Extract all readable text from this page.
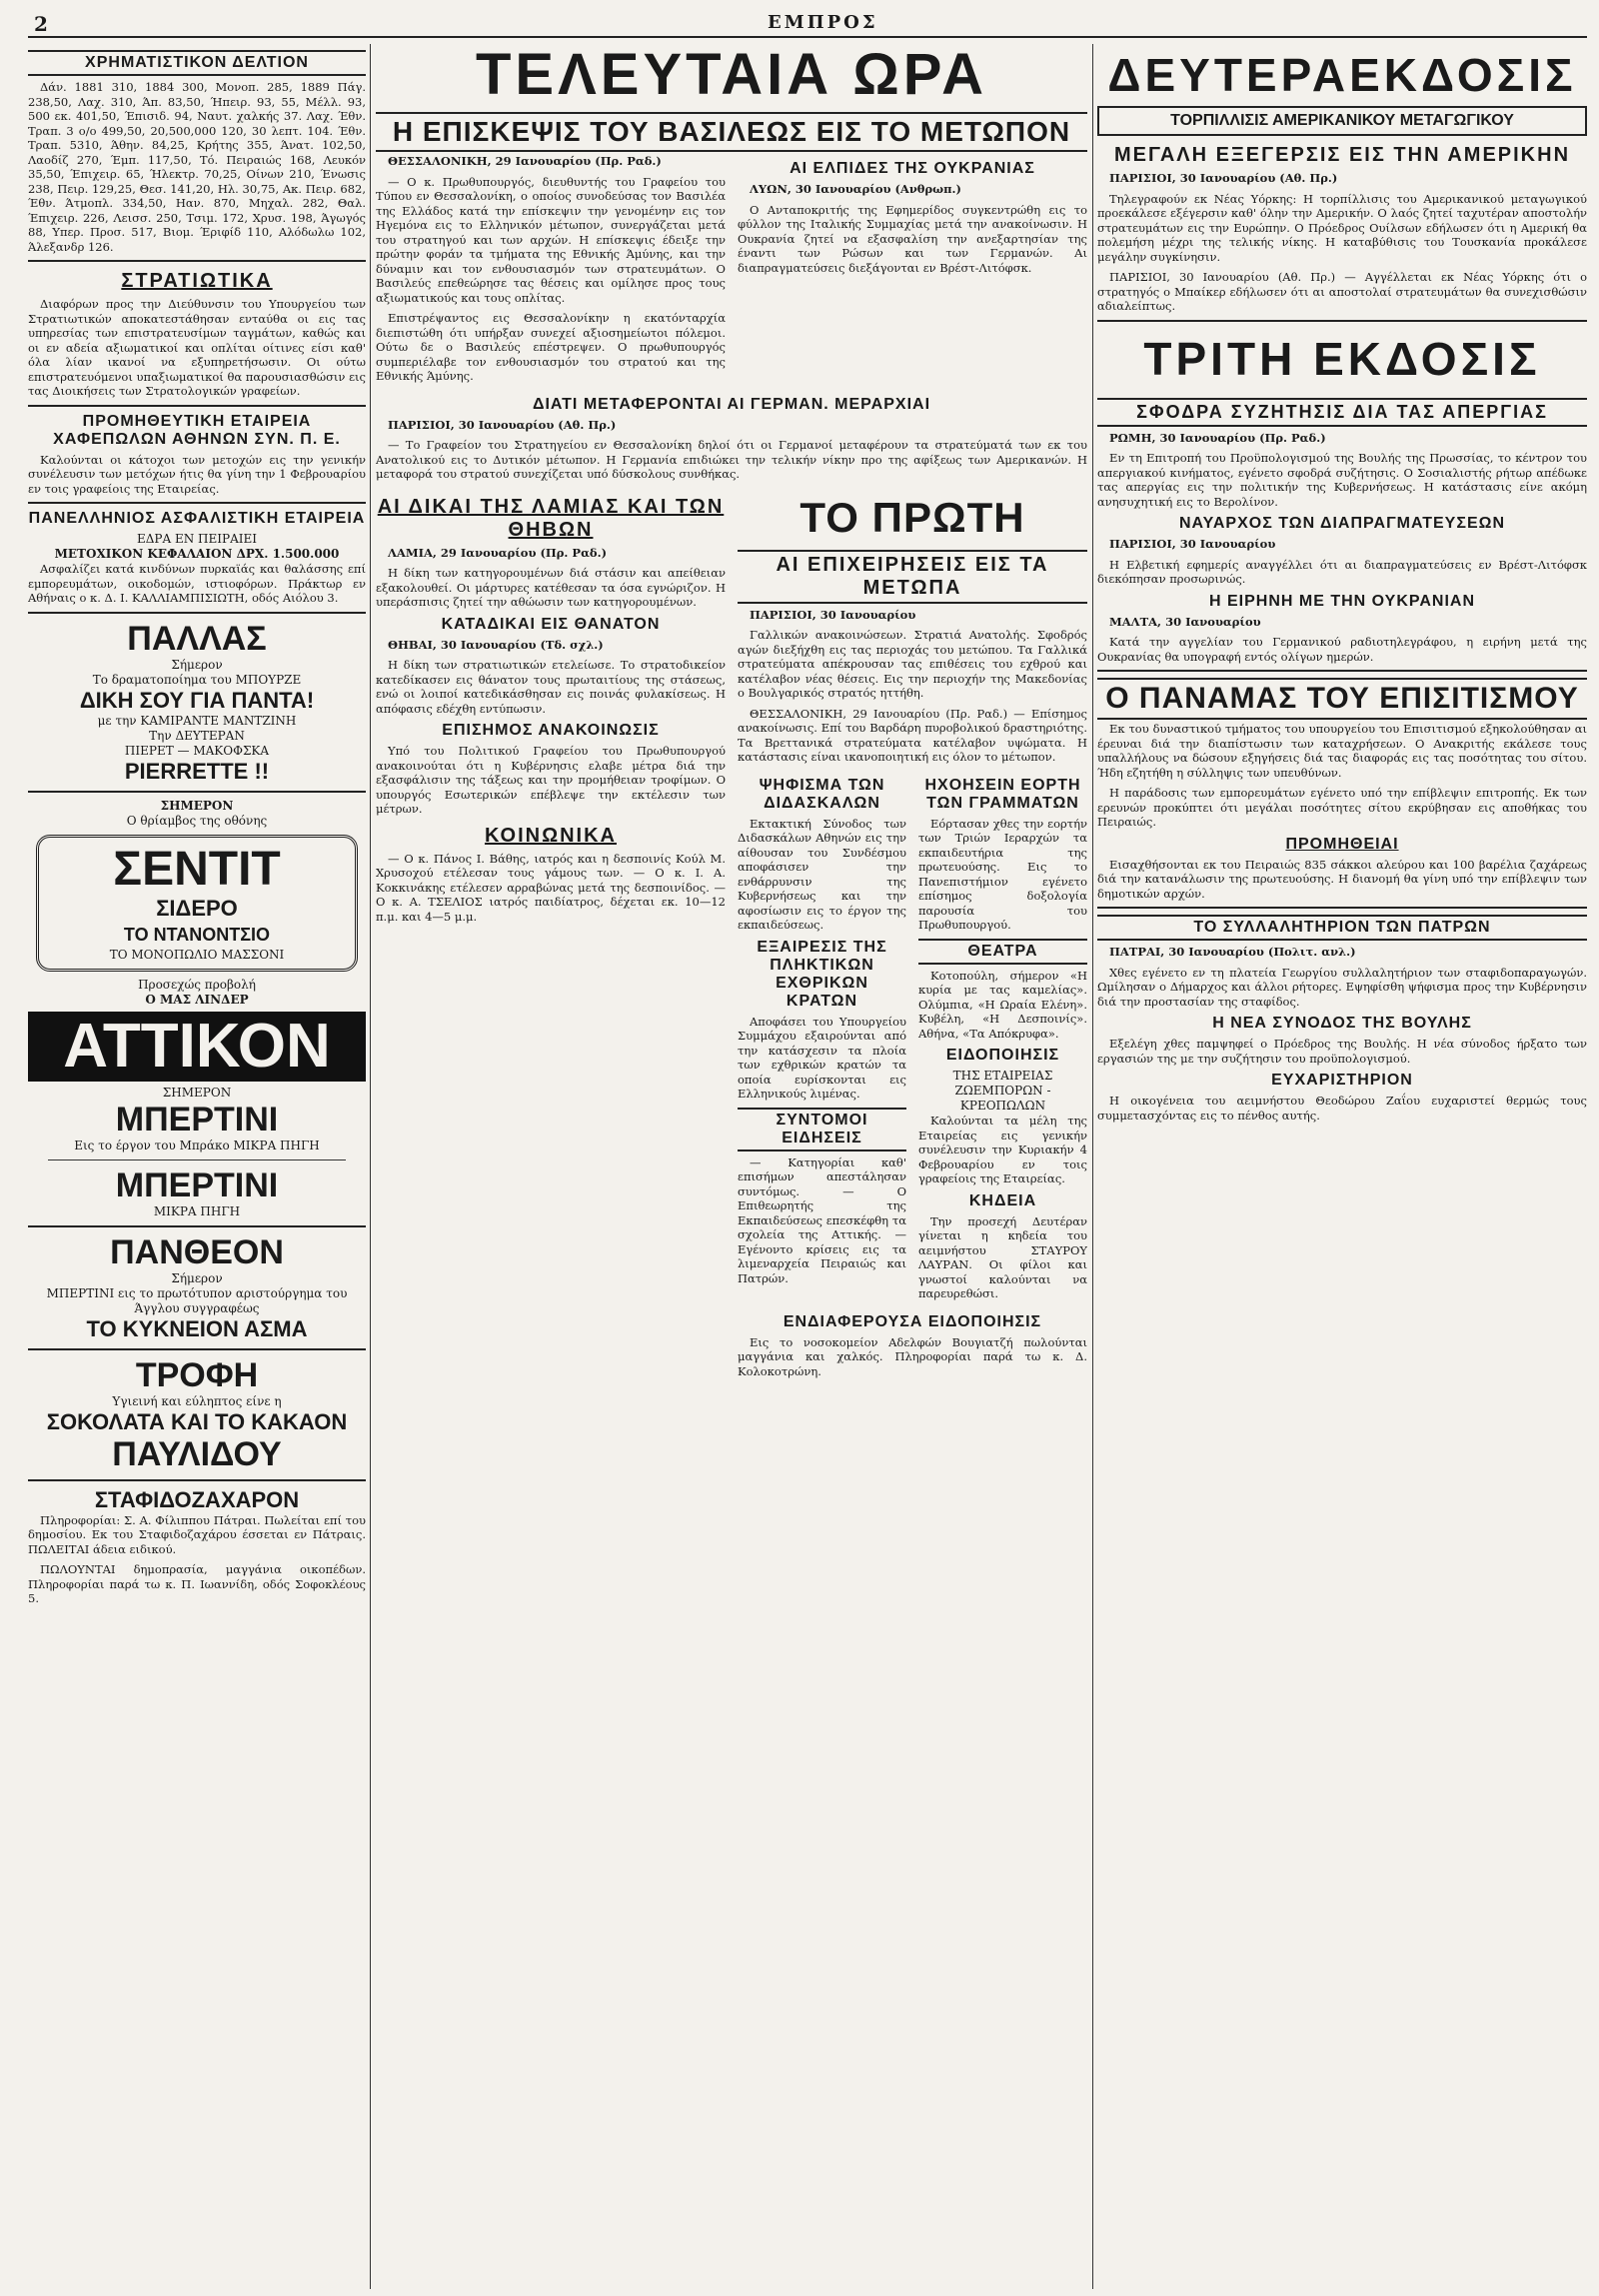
2	ΕΜΠΡΟΣ
ΧΡΗΜΑΤΙΣΤΙΚΟΝ ΔΕΛΤΙΟΝ

Δάν. 1881 310, 1884 300, Μονοπ. 285, 1889 Πάγ. 238,50, Λαχ. 310, Άπ. 83,50, Ήπειρ. 93, 55, Μέλλ. 93, 500 εκ. 401,50, Έπισιδ. 94, Ναυτ. χαλκής 37. Λαχ. Έθν. Τραπ. 3 ο/ο 499,50, 20,500,000 120, 30 λεπτ. 104. Έθν. Τραπ. 5310, Άθην. 84,25, Κρήτης 355, Άνατ. 102,50, Λαοδίζ 270, Έμπ. 117,50, Τό. Πειραιώς 168, Λευκόν 35,50, Έπιχειρ. 65, Ήλεκτρ. 70,25, Οίνων 210, Ένωσις 238, Πειρ. 129,25, Θεσ. 141,20, Ηλ. 30,75, Ακ. Πειρ. 682, Έθν. Άτμοπλ. 334,50, Ηαν. 870, Μηχαλ. 282, Θαλ. Έπιχειρ. 226, Λεισσ. 250, Τσιμ. 172, Χρυσ. 198, Άγωγός 88, Υπερ. Προσ. 517, Βιομ. Έριφίδ 110, Αλόδωλω 102, Άλεξανδρ 126.

ΣΤΡΑΤΙΩΤΙΚΑ

Διαφόρων προς την Διεύθυνσιν του Υπουργείου των Στρατιωτικών αποκατεστάθησαν ενταύθα οι εις τας υπηρεσίας των επιστρατευσίμων ταγμάτων, καθώς και οι εν αδεία αξιωματικοί και οπλίται οίτινες είσι καθ' όλα λίαν ικανοί να εξυπηρετήσωσιν. Οι ούτω επιστρατευόμενοι υπαξιωματικοί θα παρουσιασθώσιν εις τας Διοικήσεις των Στρατολογικών γραφείων.

ΠΡΟΜΗΘΕΥΤΙΚΗ ΕΤΑΙΡΕΙΑ ΧΑΦΕΠΩΛΩΝ ΑΘΗΝΩΝ ΣΥΝ. Π. Ε.

Καλούνται οι κάτοχοι των μετοχών εις την γενικήν συνέλευσιν των μετόχων ήτις θα γίνη την 1 Φεβρουαρίου εν τοις γραφείοις της Εταιρείας.

ΠΑΝΕΛΛΗΝΙΟΣ ΑΣΦΑΛΙΣΤΙΚΗ ΕΤΑΙΡΕΙΑ
ΕΔΡΑ ΕΝ ΠΕΙΡΑΙΕΙ
ΜΕΤΟΧΙΚΟΝ ΚΕΦΑΛΑΙΟΝ ΔΡΧ. 1.500.000

Ασφαλίζει κατά κινδύνων πυρκαϊάς και θαλάσσης επί εμπορευμάτων, οικοδομών, ιστιοφόρων. Πράκτωρ εν Αθήναις ο κ. Δ. Ι. ΚΑΛΛΙΑΜΠΙΣΙΩΤΗ, οδός Αιόλου 3.

ΠΑΛΛΑΣ
Σήμερον
Το δραματοποίημα του ΜΠΟΥΡΖΕ
ΔΙΚΗ ΣΟΥ ΓΙΑ ΠΑΝΤΑ!
με την ΚΑΜΙΡΑΝΤΕ ΜΑΝΤΖΙΝΗ
Την ΔΕΥΤΕΡΑΝ
ΠΙΕΡΕΤ — ΜΑΚΟΦΣΚΑ
PIERRETTE !!
ΣΗΜΕΡΟΝ
Ο θρίαμβος της οθόνης
ΣΕΝΤΙΤ
ΣΙΔΕΡΟ
ΤΟ ΝΤΑΝΟΝΤΣΙΟ
ΤΟ ΜΟΝΟΠΩΛΙΟ ΜΑΣΣΟΝΙ
Προσεχώς προβολή
Ο ΜΑΣ ΛΙΝΔΕΡ
ΑΤΤΙΚΟΝ
ΣΗΜΕΡΟΝ
ΜΠΕΡΤΙΝΙ
Εις το έργον του Μπράκο ΜΙΚΡΑ ΠΗΓΗ
ΜΠΕΡΤΙΝΙ
ΜΙΚΡΑ ΠΗΓΗ
ΠΑΝΘΕΟΝ
Σήμερον
ΜΠΕΡΤΙΝΙ εις το πρωτότυπον αριστούργημα του Άγγλου συγγραφέως
ΤΟ ΚΥΚΝΕΙΟΝ ΑΣΜΑ
ΤΡΟΦΗ
Υγιεινή και εύληπτος είνε η
ΣΟΚΟΛΑΤΑ ΚΑΙ ΤΟ ΚΑΚΑΟΝ
ΠΑΥΛΙΔΟΥ
ΣΤΑΦΙΔΟΖΑΧΑΡΟΝ

Πληροφορίαι: Σ. Α. Φίλιππου Πάτραι. Πωλείται επί του δημοσίου. Εκ του Σταφιδοζαχάρου έσσεται εν Πάτραις. ΠΩΛΕΙΤΑΙ άδεια ειδικού.

ΠΩΛΟΥΝΤΑΙ δημοπρασία, μαγγάνια οικοπέδων. Πληροφορίαι παρά τω κ. Π. Ιωαννίδη, οδός Σοφοκλέους 5.

ΤΕΛΕΥΤΑΙΑ ΩΡΑ
Η ΕΠΙΣΚΕΨΙΣ ΤΟΥ ΒΑΣΙΛΕΩΣ ΕΙΣ ΤΟ ΜΕΤΩΠΟΝ

ΘΕΣΣΑΛΟΝΙΚΗ, 29 Ιανουαρίου (Πρ. Ραδ.)

— Ο κ. Πρωθυπουργός, διευθυντής του Γραφείου του Τύπου εν Θεσσαλονίκη, ο οποίος συνοδεύσας τον Βασιλέα της Ελλάδος κατά την επίσκεψιν την γενομένην εις τον Ηγεμόνα εις το Ελληνικόν μέτωπον, συνεργάζεται μετά του στρατηγού και των αρχών. Η επίσκεψις έδειξε την πρώτην φοράν τα τμήματα της Εθνικής Άμύνης, και την δύναμιν και τον ενθουσιασμόν των στρατευμάτων. Ο Βασιλεύς επεθεώρησε τας θέσεις και ομίλησε προς τους αξιωματικούς και τους οπλίτας.

Επιστρέψαντος εις Θεσσαλονίκην η εκατόνταρχία διεπιστώθη ότι υπήρξαν συνεχεί αξιοσημείωτοι πόλεμοι. Ούτω δε ο Βασιλεύς επέστρεψεν. Ο πρωθυπουργός συμπεριέλαβε τον ενθουσιασμόν του στρατού και της Εθνικής Άμύνης.

ΑΙ ΕΛΠΙΔΕΣ ΤΗΣ ΟΥΚΡΑΝΙΑΣ

ΛΥΩΝ, 30 Ιανουαρίου (Ανθρωπ.)

Ο Ανταποκριτής της Εφημερίδος συγκεντρώθη εις το φύλλον της Ιταλικής Συμμαχίας μετά την ανακοίνωσιν. Η Ουκρανία ζητεί να εξασφαλίση την ανεξαρτησίαν της έναντι των Ρώσων και των Γερμανών. Αι διαπραγματεύσεις διεξάγονται εν Βρέστ-Λιτόφσκ.

ΔΙΑΤΙ ΜΕΤΑΦΕΡΟΝΤΑΙ ΑΙ ΓΕΡΜΑΝ. ΜΕΡΑΡΧΙΑΙ

ΠΑΡΙΣΙΟΙ, 30 Ιανουαρίου (Αθ. Πρ.)

— Το Γραφείον του Στρατηγείου εν Θεσσαλονίκη δηλοί ότι οι Γερμανοί μεταφέρουν τα στρατεύματά των εκ του Ανατολικού εις το Δυτικόν μέτωπον. Η Γερμανία επιδιώκει την τελικήν νίκην προ της αφίξεως των Αμερικανών. Η μεταφορά του στρατού συνεχίζεται υπό δύσκολους συνθήκας.

ΑΙ ΔΙΚΑΙ ΤΗΣ ΛΑΜΙΑΣ ΚΑΙ ΤΩΝ ΘΗΒΩΝ

ΛΑΜΙΑ, 29 Ιανουαρίου (Πρ. Ραδ.)

Η δίκη των κατηγορουμένων διά στάσιν και απείθειαν εξακολουθεί. Οι μάρτυρες κατέθεσαν τα όσα εγνώριζον. Η υπεράσπισις ζητεί την αθώωσιν των κατηγορουμένων.

ΚΑΤΑΔΙΚΑΙ ΕΙΣ ΘΑΝΑΤΟΝ

ΘΗΒΑΙ, 30 Ιανουαρίου (Τδ. σχλ.)

Η δίκη των στρατιωτικών ετελείωσε. Το στρατοδικείον κατεδίκασεν εις θάνατον τους πρωταιτίους της στάσεως, ενώ οι λοιποί κατεδικάσθησαν εις ποινάς φυλακίσεως. Η απόφασις εδέχθη εντύπωσιν.

ΕΠΙΣΗΜΟΣ ΑΝΑΚΟΙΝΩΣΙΣ

Υπό του Πολιτικού Γραφείου του Πρωθυπουργού ανακοινούται ότι η Κυβέρνησις ελαβε μέτρα διά την εξασφάλισιν της τάξεως και την προμήθειαν τροφίμων. Ο υπουργός Εσωτερικών επέβλεψε την εκτέλεσιν των μέτρων.

ΚΟΙΝΩΝΙΚΑ

— Ο κ. Πάνος Ι. Βάθης, ιατρός και η δεσποινίς Κούλ Μ. Χρυσοχού ετέλεσαν τους γάμους των. — Ο κ. Ι. Α. Κοκκινάκης ετέλεσεν αρραβώνας μετά της δεσποινίδος. — Ο κ. Α. ΤΣΕΛΙΟΣ ιατρός παιδίατρος, δέχεται εκ. 10—12 π.μ. και 4—5 μ.μ.

ΤΟ ΠΡΩΤΗ
ΑΙ ΕΠΙΧΕΙΡΗΣΕΙΣ ΕΙΣ ΤΑ ΜΕΤΩΠΑ

ΠΑΡΙΣΙΟΙ, 30 Ιανουαρίου

Γαλλικών ανακοινώσεων. Στρατιά Ανατολής. Σφοδρός αγών διεξήχθη εις τας περιοχάς του μετώπου. Τα Γαλλικά στρατεύματα απέκρουσαν τας επιθέσεις του εχθρού και κατέλαβον νέας θέσεις. Εις την περιοχήν της Μακεδονίας ο Βουλγαρικός στρατός ηττήθη.

ΘΕΣΣΑΛΟΝΙΚΗ, 29 Ιανουαρίου (Πρ. Ραδ.) — Επίσημος ανακοίνωσις. Επί του Βαρδάρη πυροβολικού δραστηριότης. Τα Βρεττανικά στρατεύματα κατέλαβον υψώματα. Η κατάστασις είναι ικανοποιητική εις όλον το μέτωπον.

ΨΗΦΙΣΜΑ ΤΩΝ ΔΙΔΑΣΚΑΛΩΝ

Εκτακτική Σύνοδος των Διδασκάλων Αθηνών εις την αίθουσαν του Συνδέσμου αποφάσισεν την ενθάρρυνσιν της Κυβερνήσεως και την αφοσίωσιν εις το έργον της εκπαιδεύσεως.

ΕΞΑΙΡΕΣΙΣ ΤΗΣ ΠΛΗΚΤΙΚΩΝ ΕΧΘΡΙΚΩΝ ΚΡΑΤΩΝ

Αποφάσει του Υπουργείου Συμμάχου εξαιρούνται από την κατάσχεσιν τα πλοία των εχθρικών κρατών τα οποία ευρίσκονται εις Ελληνικούς λιμένας.

ΣΥΝΤΟΜΟΙ ΕΙΔΗΣΕΙΣ

— Κατηγορίαι καθ' επισήμων απεστάλησαν συντόμως. — Ο Επιθεωρητής της Εκπαιδεύσεως επεσκέφθη τα σχολεία της Αττικής. — Εγένοντο κρίσεις εις τα λιμεναρχεία Πειραιώς και Πατρών.

ΗΧΟΗΣΕΙΝ ΕΟΡΤΗ ΤΩΝ ΓΡΑΜΜΑΤΩΝ

Εόρτασαν χθες την εορτήν των Τριών Ιεραρχών τα εκπαιδευτήρια της πρωτευούσης. Εις το Πανεπιστήμιον εγένετο επίσημος δοξολογία παρουσία του Πρωθυπουργού.

ΘΕΑΤΡΑ

Κοτοπούλη, σήμερον «Η κυρία με τας καμελίας». Ολύμπια, «Η Ωραία Ελένη». Κυβέλη, «Η Δεσποινίς». Αθήνα, «Τα Απόκρυφα».

ΕΙΔΟΠΟΙΗΣΙΣ
ΤΗΣ ΕΤΑΙΡΕΙΑΣ ΖΩΕΜΠΟΡΩΝ - ΚΡΕΟΠΩΛΩΝ

Καλούνται τα μέλη της Εταιρείας εις γενικήν συνέλευσιν την Κυριακήν 4 Φεβρουαρίου εν τοις γραφείοις της Εταιρείας.

ΚΗΔΕΙΑ

Την προσεχή Δευτέραν γίνεται η κηδεία του αειμνήστου ΣΤΑΥΡΟΥ ΛΑΥΡΑΝ. Οι φίλοι και γνωστοί καλούνται να παρευρεθώσι.

ΕΝΔΙΑΦΕΡΟΥΣΑ ΕΙΔΟΠΟΙΗΣΙΣ

Εις το νοσοκομείον Αδελφών Βουγιατζή πωλούνται μαγγάνια και χαλκός. Πληροφορίαι παρά τω κ. Δ. Κολοκοτρώνη.

ΔΕΥΤΕΡΑΕΚΔΟΣΙΣ
ΤΟΡΠΙΛΛΙΣΙΣ ΑΜΕΡΙΚΑΝΙΚΟΥ ΜΕΤΑΓΩΓΙΚΟΥ
ΜΕΓΑΛΗ ΕΞΕΓΕΡΣΙΣ ΕΙΣ ΤΗΝ ΑΜΕΡΙΚΗΝ

ΠΑΡΙΣΙΟΙ, 30 Ιανουαρίου (Αθ. Πρ.)

Τηλεγραφούν εκ Νέας Υόρκης: Η τορπίλλισις του Αμερικανικού μεταγωγικού προεκάλεσε εξέγερσιν καθ' όλην την Αμερικήν. Ο λαός ζητεί ταχυτέραν αποστολήν στρατευμάτων εις την Ευρώπην. Ο Πρόεδρος Ουίλσων εδήλωσεν ότι η Αμερική θα πολεμήση μέχρι της τελικής νίκης. Η καταβύθισις του Τουσκανία προκάλεσε μεγάλην συγκίνησιν.

ΠΑΡΙΣΙΟΙ, 30 Ιανουαρίου (Αθ. Πρ.) — Αγγέλλεται εκ Νέας Υόρκης ότι ο στρατηγός ο Μπαίκερ εδήλωσεν ότι αι αποστολαί στρατευμάτων θα συνεχισθώσιν αδιαλείπτως.

ΤΡΙΤΗ ΕΚΔΟΣΙΣ
ΣΦΟΔΡΑ ΣΥΖΗΤΗΣΙΣ ΔΙΑ ΤΑΣ ΑΠΕΡΓΙΑΣ

ΡΩΜΗ, 30 Ιανουαρίου (Πρ. Ραδ.)

Εν τη Επιτροπή του Προϋπολογισμού της Βουλής της Πρωσσίας, το κέντρον του απεργιακού κινήματος, εγένετο σφοδρά συζήτησις. Ο Σοσιαλιστής ρήτωρ απέδωκε τας απεργίας εις την πολιτικήν της Κυβερνήσεως. Η κατάστασις είνε ακόμη ανησυχητική εις το Βερολίνον.

ΝΑΥΑΡΧΟΣ ΤΩΝ ΔΙΑΠΡΑΓΜΑΤΕΥΣΕΩΝ

ΠΑΡΙΣΙΟΙ, 30 Ιανουαρίου

Η Ελβετική εφημερίς αναγγέλλει ότι αι διαπραγματεύσεις εν Βρέστ-Λιτόφσκ διεκόπησαν προσωρινώς.

Η ΕΙΡΗΝΗ ΜΕ ΤΗΝ ΟΥΚΡΑΝΙΑΝ

ΜΑΛΤΑ, 30 Ιανουαρίου

Κατά την αγγελίαν του Γερμανικού ραδιοτηλεγράφου, η ειρήνη μετά της Ουκρανίας θα υπογραφή εντός ολίγων ημερών.

Ο ΠΑΝΑΜΑΣ ΤΟΥ ΕΠΙΣΙΤΙΣΜΟΥ

Εκ του δυναστικού τμήματος του υπουργείου του Επισιτισμού εξηκολούθησαν αι έρευναι διά την διαπίστωσιν των καταχρήσεων. Ο Ανακριτής εκάλεσε τους υπαλλήλους να δώσουν εξηγήσεις διά τας διαφοράς εις τας ποσότητας του σίτου. Ήδη εζητήθη η σύλληψις των υπευθύνων.

Η παράδοσις των εμπορευμάτων εγένετο υπό την επίβλεψιν επιτροπής. Εκ των ερευνών προκύπτει ότι μεγάλαι ποσότητες σίτου εκρύβησαν εις αποθήκας του Πειραιώς.

ΠΡΟΜΗΘΕΙΑΙ

Εισαχθήσονται εκ του Πειραιώς 835 σάκκοι αλεύρου και 100 βαρέλια ζαχάρεως διά την κατανάλωσιν της πρωτευούσης. Η διανομή θα γίνη υπό την επίβλεψιν των δημοτικών αρχών.

ΤΟ ΣΥΛΛΑΛΗΤΗΡΙΟΝ ΤΩΝ ΠΑΤΡΩΝ

ΠΑΤΡΑΙ, 30 Ιανουαρίου (Πολιτ. ανλ.)

Χθες εγένετο εν τη πλατεία Γεωργίου συλλαλητήριον των σταφιδοπαραγωγών. Ωμίλησαν ο Δήμαρχος και άλλοι ρήτορες. Εψηφίσθη ψήφισμα προς την Κυβέρνησιν διά την προστασίαν της σταφίδος.

Η ΝΕΑ ΣΥΝΟΔΟΣ ΤΗΣ ΒΟΥΛΗΣ

Εξελέγη χθες παμψηφεί ο Πρόεδρος της Βουλής. Η νέα σύνοδος ήρξατο των εργασιών της με την συζήτησιν του προϋπολογισμού.

ΕΥΧΑΡΙΣΤΗΡΙΟΝ

Η οικογένεια του αειμνήστου Θεοδώρου Ζαΐου ευχαριστεί θερμώς τους συμμετασχόντας εις το πένθος αυτής.
